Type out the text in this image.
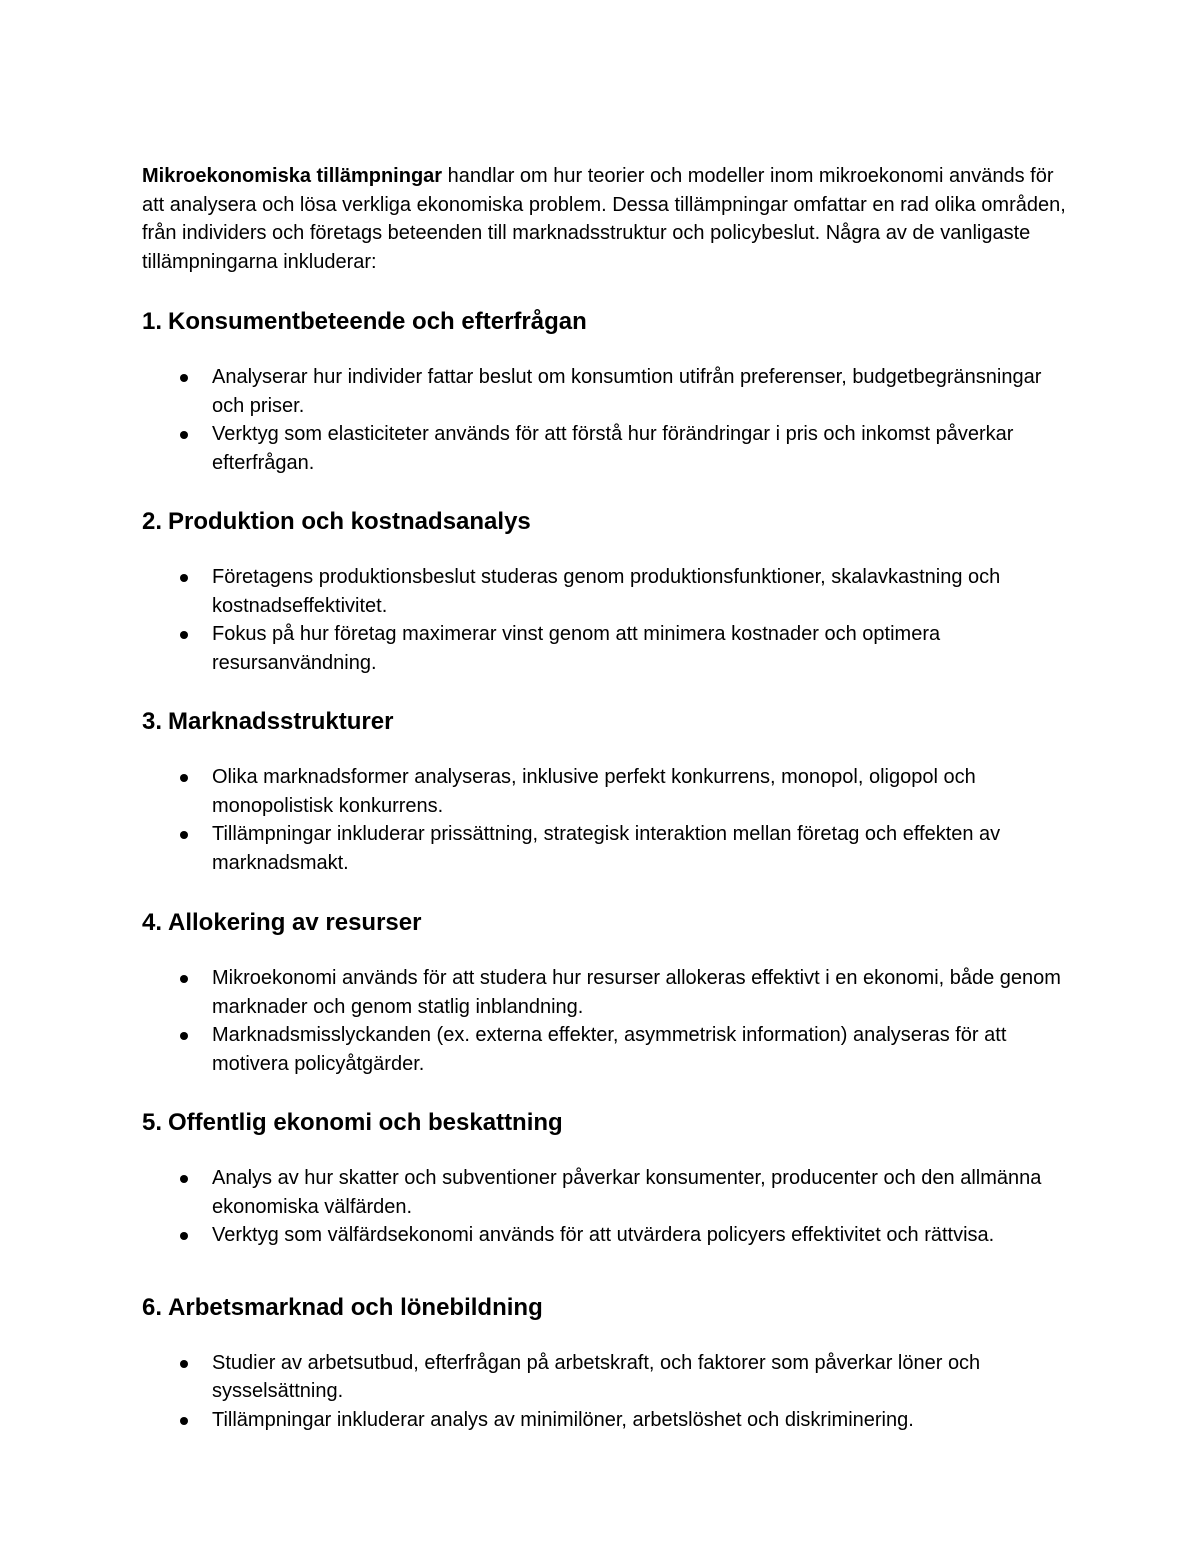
Mikroekonomiska tillämpningar handlar om hur teorier och modeller inom mikroekonomi används för att analysera och lösa verkliga ekonomiska problem. Dessa tillämpningar omfattar en rad olika områden, från individers och företags beteenden till marknadsstruktur och policybeslut. Några av de vanligaste tillämpningarna inkluderar:

1. Konsumentbeteende och efterfrågan
Analyserar hur individer fattar beslut om konsumtion utifrån preferenser, budgetbegränsningar och priser.
Verktyg som elasticiteter används för att förstå hur förändringar i pris och inkomst påverkar efterfrågan.
2. Produktion och kostnadsanalys
Företagens produktionsbeslut studeras genom produktionsfunktioner, skalavkastning och kostnadseffektivitet.
Fokus på hur företag maximerar vinst genom att minimera kostnader och optimera resursanvändning.
3. Marknadsstrukturer
Olika marknadsformer analyseras, inklusive perfekt konkurrens, monopol, oligopol och monopolistisk konkurrens.
Tillämpningar inkluderar prissättning, strategisk interaktion mellan företag och effekten av marknadsmakt.
4. Allokering av resurser
Mikroekonomi används för att studera hur resurser allokeras effektivt i en ekonomi, både genom marknader och genom statlig inblandning.
Marknadsmisslyckanden (ex. externa effekter, asymmetrisk information) analyseras för att motivera policyåtgärder.
5. Offentlig ekonomi och beskattning
Analys av hur skatter och subventioner påverkar konsumenter, producenter och den allmänna ekonomiska välfärden.
Verktyg som välfärdsekonomi används för att utvärdera policyers effektivitet och rättvisa.
6. Arbetsmarknad och lönebildning
Studier av arbetsutbud, efterfrågan på arbetskraft, och faktorer som påverkar löner och sysselsättning.
Tillämpningar inkluderar analys av minimilöner, arbetslöshet och diskriminering.
